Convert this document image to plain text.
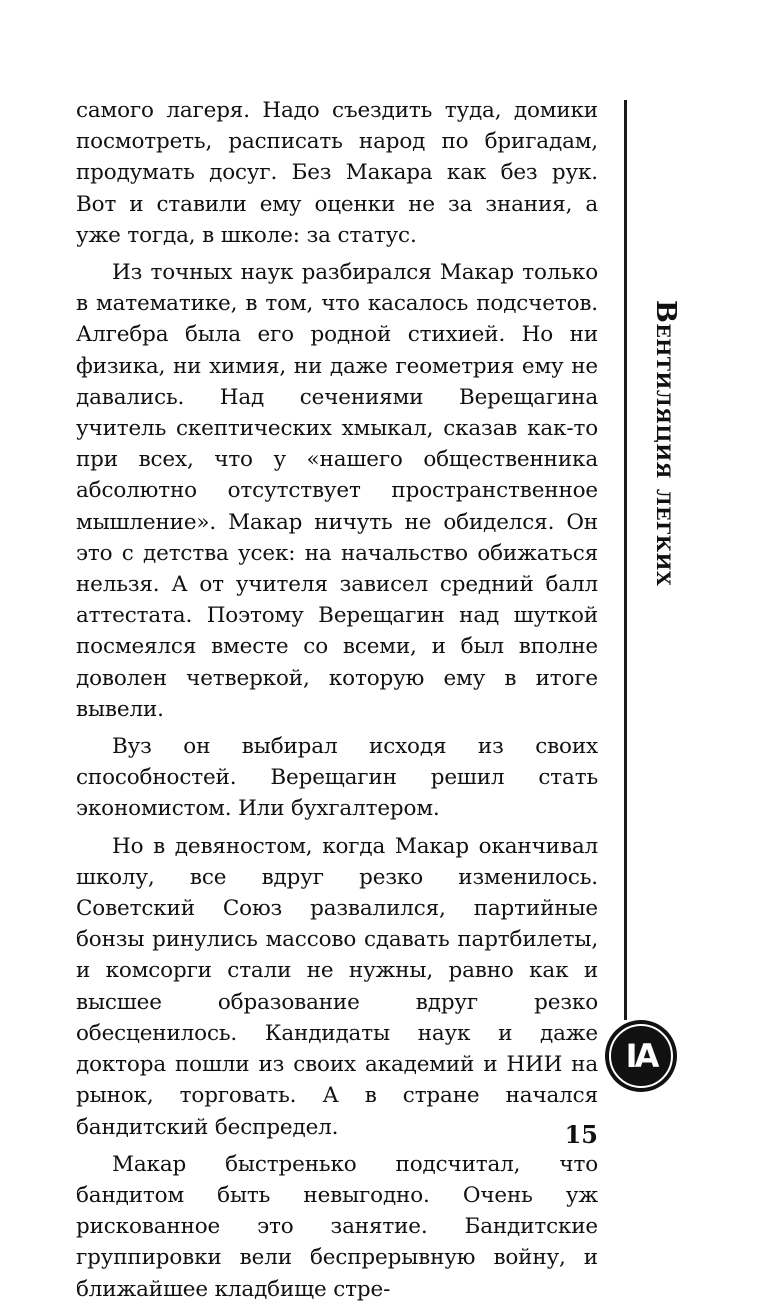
самого лагеря. Надо съездить туда, домики посмотреть, расписать народ по бригадам, продумать досуг. Без Макара как без рук. Вот и ставили ему оценки не за знания, а уже тогда, в школе: за статус.

Из точных наук разбирался Макар только в математике, в том, что касалось подсчетов. Алгебра была его родной стихией. Но ни физика, ни химия, ни даже геометрия ему не давались. Над сечениями Верещагина учитель скептических хмыкал, сказав как-то при всех, что у «нашего общественника абсолютно отсутствует пространственное мышление». Макар ничуть не обиделся. Он это с детства усек: на начальство обижаться нельзя. А от учителя зависел средний балл аттестата. Поэтому Верещагин над шуткой посмеялся вместе со всеми, и был вполне доволен четверкой, которую ему в итоге вывели.

Вуз он выбирал исходя из своих способностей. Верещагин решил стать экономистом. Или бухгалтером.

Но в девяностом, когда Макар оканчивал школу, все вдруг резко изменилось. Советский Союз развалился, партийные бонзы ринулись массово сдавать партбилеты, и комсорги стали не нужны, равно как и высшее образование вдруг резко обесценилось. Кандидаты наук и даже доктора пошли из своих академий и НИИ на рынок, торговать. А в стране начался бандитский беспредел.

Макар быстренько подсчитал, что бандитом быть невыгодно. Очень уж рискованное это занятие. Бандитские группировки вели беспрерывную войну, и ближайшее кладбище стре-

Вентиляция легких
IA
15
